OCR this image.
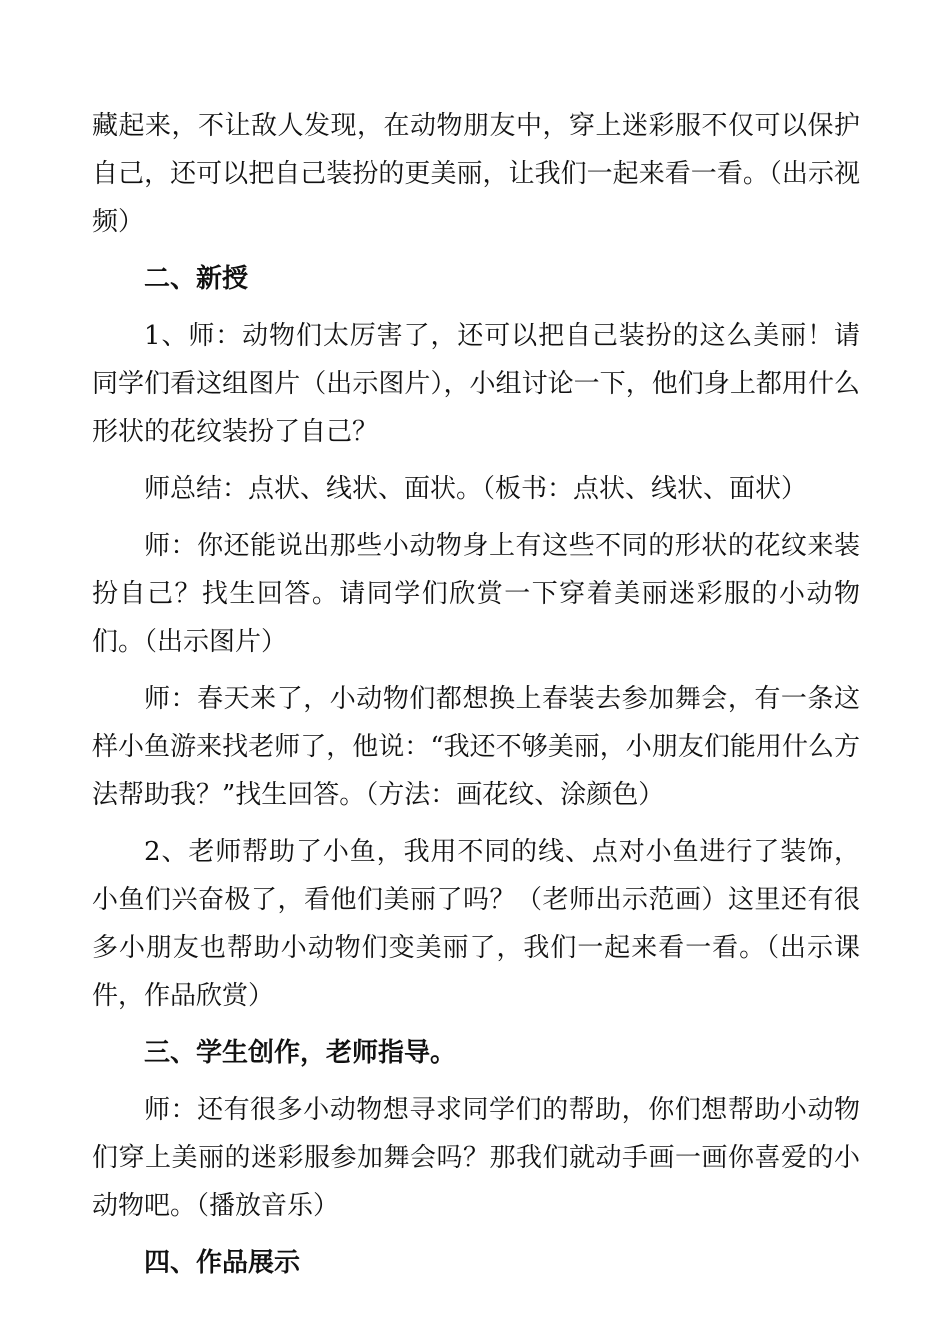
藏起来，不让敌人发现，在动物朋友中，穿上迷彩服不仅可以保护自己，还可以把自己装扮的更美丽，让我们一起来看一看。（出示视频）

二、新授

1、师：动物们太厉害了，还可以把自己装扮的这么美丽！请同学们看这组图片（出示图片），小组讨论一下，他们身上都用什么形状的花纹装扮了自己？

师总结：点状、线状、面状。（板书：点状、线状、面状）

师：你还能说出那些小动物身上有这些不同的形状的花纹来装扮自己？找生回答。请同学们欣赏一下穿着美丽迷彩服的小动物们。（出示图片）

师：春天来了，小动物们都想换上春装去参加舞会，有一条这样小鱼游来找老师了，他说：“我还不够美丽，小朋友们能用什么方法帮助我？”找生回答。（方法：画花纹、涂颜色）

2、老师帮助了小鱼，我用不同的线、点对小鱼进行了装饰，小鱼们兴奋极了，看他们美丽了吗？（老师出示范画）这里还有很多小朋友也帮助小动物们变美丽了，我们一起来看一看。（出示课件，作品欣赏）

三、学生创作，老师指导。

师：还有很多小动物想寻求同学们的帮助，你们想帮助小动物们穿上美丽的迷彩服参加舞会吗？那我们就动手画一画你喜爱的小动物吧。（播放音乐）

四、作品展示
